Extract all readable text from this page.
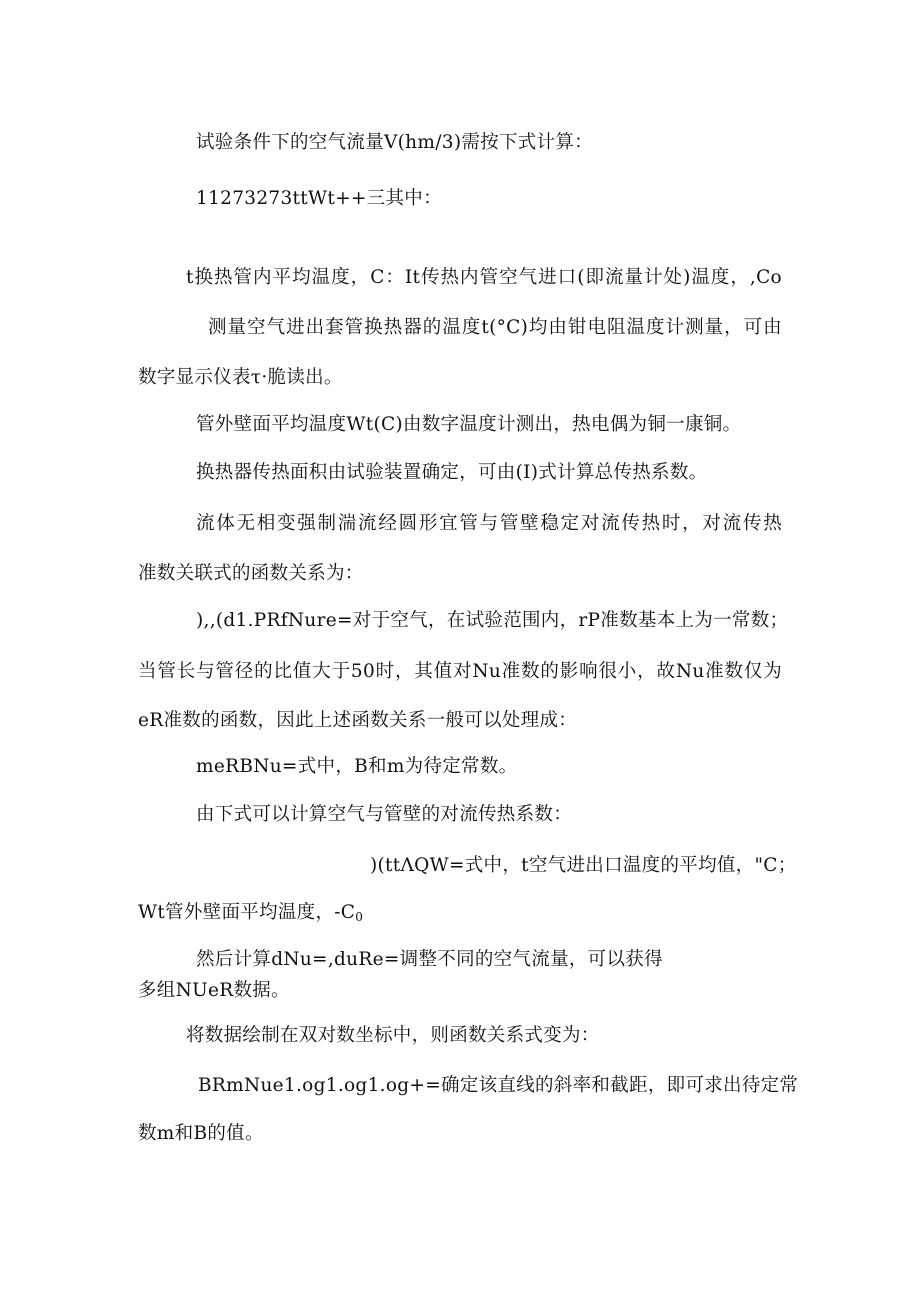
试验条件下的空气流量V(hm/3)需按下式计算：
11273273ttWt++三其中：
t换热管内平均温度，C：It传热内管空气进口(即流量计处)温度，,Co
测量空气进出套管换热器的温度t(°C)均由钳电阻温度计测量，可由
数字显示仪表τ·脆读出。
管外壁面平均温度Wt(C)由数字温度计测出，热电偶为铜一康铜。
换热器传热面积由试验装置确定，可由(I)式计算总传热系数。
流体无相变强制湍流经圆形宜管与管壁稳定对流传热时，对流传热
准数关联式的函数关系为：
),,(d1.PRfNure=对于空气，在试验范围内，rP准数基本上为一常数；
当管长与管径的比值大于50时，其值对Nu准数的影响很小，故Nu准数仅为
eR准数的函数，因此上述函数关系一般可以处理成：
meRBNu=式中，B和m为待定常数。
由下式可以计算空气与管壁的对流传热系数：
)(ttΛQW=式中，t空气进出口温度的平均值，"C；
Wt管外壁面平均温度，$-C_0$
然后计算dNu=,duRe=调整不同的空气流量，可以获得
多组NUeR数据。
将数据绘制在双对数坐标中，则函数关系式变为：
BRmNue1.og1.og1.og+=确定该直线的斜率和截距，即可求出待定常
数m和B的值。
